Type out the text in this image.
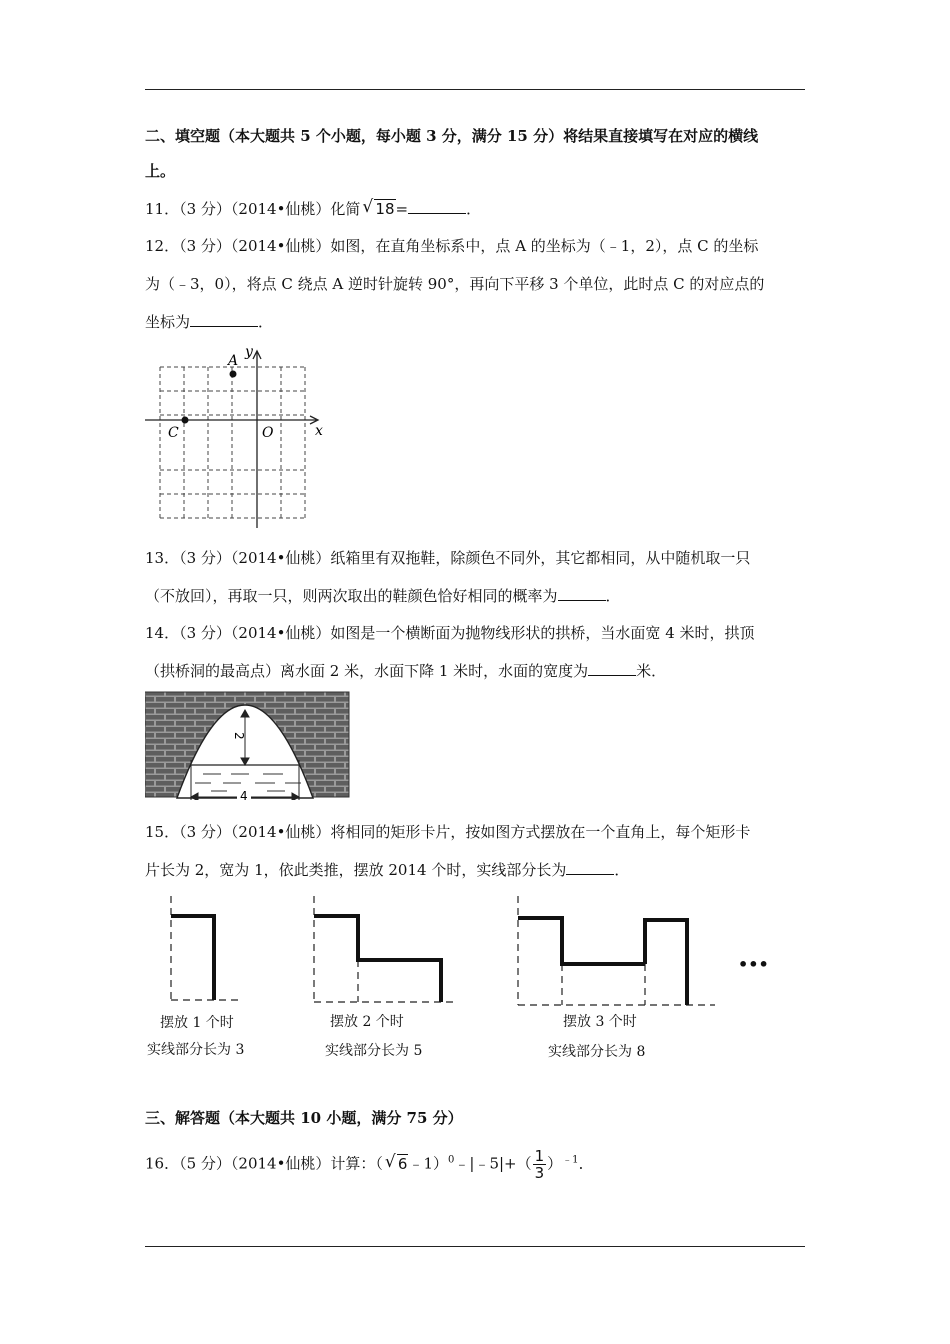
二、填空题（本大题共 5 个小题，每小题 3 分，满分 15 分）将结果直接填写在对应的横线
上。
11．（3 分）（2014•仙桃）化简 √ 18=	．
12．（3 分）（2014•仙桃）如图，在直角坐标系中，点 A 的坐标为（﹣1，2），点 C 的坐标
为（﹣3，0），将点 C 绕点 A 逆时针旋转 90°，再向下平移 3 个单位，此时点 C 的对应点的
坐标为	．
A
y
C	O	x
13．（3 分）（2014•仙桃）纸箱里有双拖鞋，除颜色不同外，其它都相同，从中随机取一只
（不放回），再取一只，则两次取出的鞋颜色恰好相同的概率为	．
14．（3 分）（2014•仙桃）如图是一个横断面为抛物线形状的拱桥，当水面宽 4 米时，拱顶
（拱桥洞的最高点）离水面 2 米，水面下降 1 米时，水面的宽度为	米．
2
4
15．（3 分）（2014•仙桃）将相同的矩形卡片，按如图方式摆放在一个直角上，每个矩形卡
片长为 2，宽为 1，依此类推，摆放 2014 个时，实线部分长为	．
摆放 1 个时
实线部分长为 3
摆放 2 个时
实线部分长为 5
摆放 3 个时
实线部分长为 8
•••
三、解答题（本大题共 10 小题，满分 75 分）
16．（5 分）（2014•仙桃）计算：（ √ 6﹣1）$^0$﹣|﹣5|+（ $\frac{1}{3} )^{﹣1}$．
